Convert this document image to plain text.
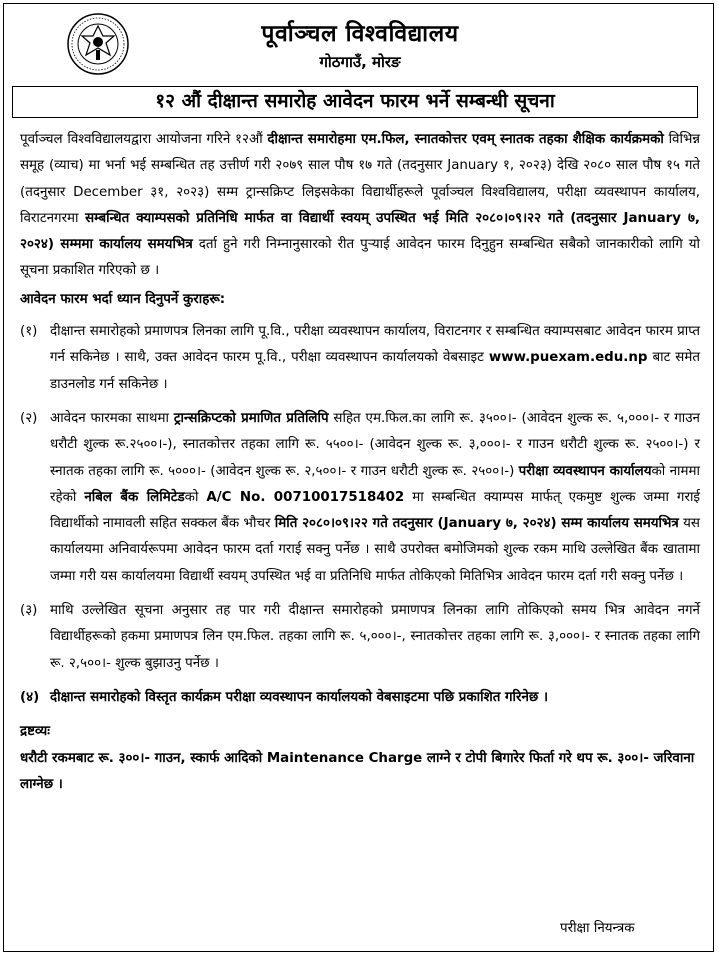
पूर्वाञ्चल विश्वविद्यालय
गोठगाउँ, मोरङ
१२ औं दीक्षान्त समारोह आवेदन फारम भर्ने सम्बन्धी सूचना

पूर्वाञ्चल विश्वविद्यालयद्वारा आयोजना गरिने १२औं दीक्षान्त समारोहमा एम.फिल, स्नातकोत्तर एवम् स्नातक तहका शैक्षिक कार्यक्रमको विभिन्न समूह (व्याच) मा भर्ना भई सम्बन्धित तह उत्तीर्ण गरी २०७९ साल पौष १७ गते (तदनुसार January १, २०२३) देखि २०८० साल पौष १५ गते (तदनुसार December ३१, २०२३) सम्म ट्रान्सक्रिप्ट लिइसकेका विद्यार्थीहरूले पूर्वाञ्चल विश्वविद्यालय, परीक्षा व्यवस्थापन कार्यालय, विराटनगरमा सम्बन्धित क्याम्पसको प्रतिनिधि मार्फत वा विद्यार्थी स्वयम् उपस्थित भई मिति २०८०।०९।२२ गते (तदनुसार January ७, २०२४) सम्ममा कार्यालय समयभित्र दर्ता हुने गरी निम्नानुसारको रीत पुऱ्याई आवेदन फारम दिनुहुन सम्बन्धित सबैको जानकारीको लागि यो सूचना प्रकाशित गरिएको छ ।

आवेदन फारम भर्दा ध्यान दिनुपर्ने कुराहरू:

(१) दीक्षान्त समारोहको प्रमाणपत्र लिनका लागि पू.वि., परीक्षा व्यवस्थापन कार्यालय, विराटनगर र सम्बन्धित क्याम्पसबाट आवेदन फारम प्राप्त गर्न सकिनेछ । साथै, उक्त आवेदन फारम पू.वि., परीक्षा व्यवस्थापन कार्यालयको वेबसाइट www.puexam.edu.np बाट समेत डाउनलोड गर्न सकिनेछ ।
(२) आवेदन फारमका साथमा ट्रान्सक्रिप्टको प्रमाणित प्रतिलिपि सहित एम.फिल.का लागि रू. ३५००।- (आवेदन शुल्क रू. ५,०००।- र गाउन धरौटी शुल्क रू.२५००।-), स्नातकोत्तर तहका लागि रू. ५५००।- (आवेदन शुल्क रू. ३,०००।- र गाउन धरौटी शुल्क रू. २५००।-) र स्नातक तहका लागि रू. ५०००।- (आवेदन शुल्क रू. २,५००।- र गाउन धरौटी शुल्क रू. २५००।-) परीक्षा व्यवस्थापन कार्यालयको नाममा रहेको नबिल बैंक लिमिटेडको A/C No. 00710017518402 मा सम्बन्धित क्याम्पस मार्फत् एकमुष्ट शुल्क जम्मा गराई विद्यार्थीको नामावली सहित सक्कल बैंक भौचर मिति २०८०।०९।२२ गते तदनुसार (January ७, २०२४) सम्म कार्यालय समयभित्र यस कार्यालयमा अनिवार्यरूपमा आवेदन फारम दर्ता गराई सक्नु पर्नेछ । साथै उपरोक्त बमोजिमको शुल्क रकम माथि उल्लेखित बैंक खातामा जम्मा गरी यस कार्यालयमा विद्यार्थी स्वयम् उपस्थित भई वा प्रतिनिधि मार्फत तोकिएको मितिभित्र आवेदन फारम दर्ता गरी सक्नु पर्नेछ ।
(३) माथि उल्लेखित सूचना अनुसार तह पार गरी दीक्षान्त समारोहको प्रमाणपत्र लिनका लागि तोकिएको समय भित्र आवेदन नगर्ने विद्यार्थीहरूको हकमा प्रमाणपत्र लिन एम.फिल. तहका लागि रू. ५,०००।-, स्नातकोत्तर तहका लागि रू. ३,०००।- र स्नातक तहका लागि रू. २,५००।- शुल्क बुझाउनु पर्नेछ ।
(४) दीक्षान्त समारोहको विस्तृत कार्यक्रम परीक्षा व्यवस्थापन कार्यालयको वेबसाइटमा पछि प्रकाशित गरिनेछ ।

द्रष्टव्यः

धरौटी रकमबाट रू. ३००।- गाउन, स्कार्फ आदिको Maintenance Charge लाग्ने र टोपी बिगारेर फिर्ता गरे थप रू. ३००।- जरिवाना लाग्नेछ ।

परीक्षा नियन्त्रक
